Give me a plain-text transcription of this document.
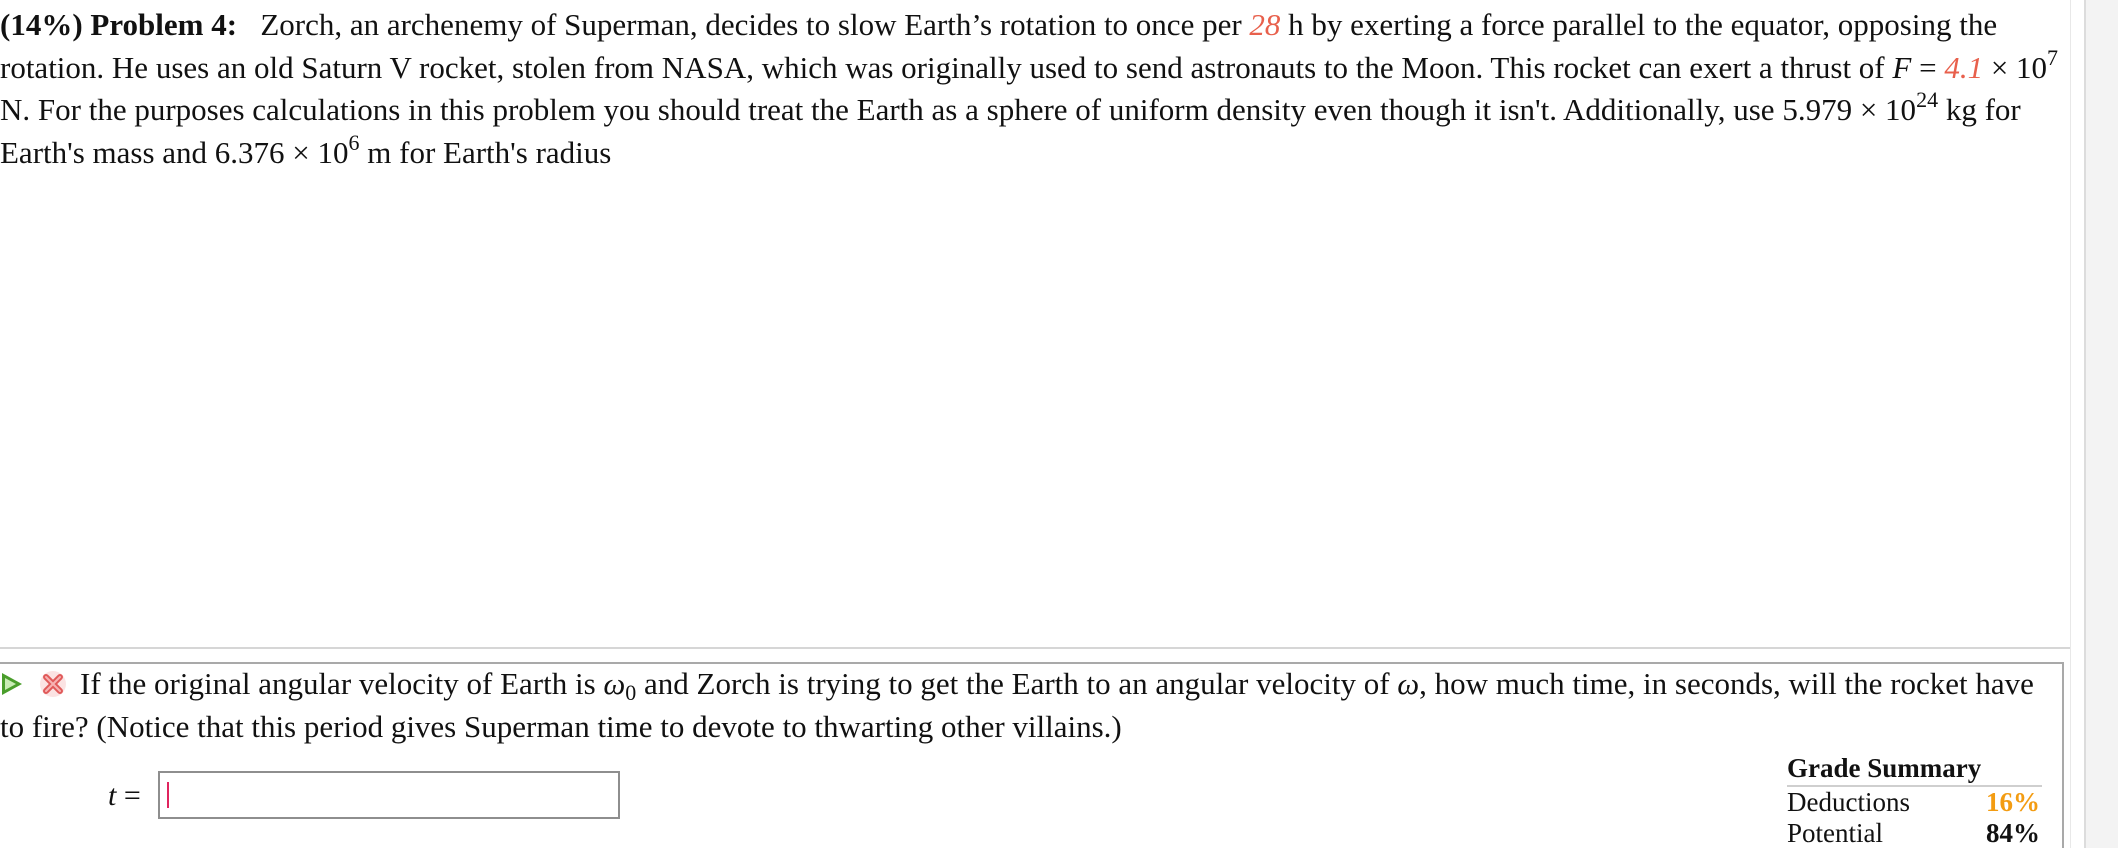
(14%) Problem 4: Zorch, an archenemy of Superman, decides to slow Earth’s rotation to once per 28 h by exerting a force parallel to the equator, opposing the rotation. He uses an old Saturn V rocket, stolen from NASA, which was originally used to send astronauts to the Moon. This rocket can exert a thrust of $F = 4.1 \times 10^7$ N. For the purposes calculations in this problem you should treat the Earth as a sphere of uniform density even though it isn't. Additionally, use $5.979 \times 10^{24}$ kg for Earth's mass and $6.376 \times 10^6$ m for Earth's radius
If the original angular velocity of Earth is $\omega_0$ and Zorch is trying to get the Earth to an angular velocity of ω, how much time, in seconds, will the rocket have to fire? (Notice that this period gives Superman time to devote to thwarting other villains.)
t =
Grade Summary
Deductions	16%
Potential	84%
